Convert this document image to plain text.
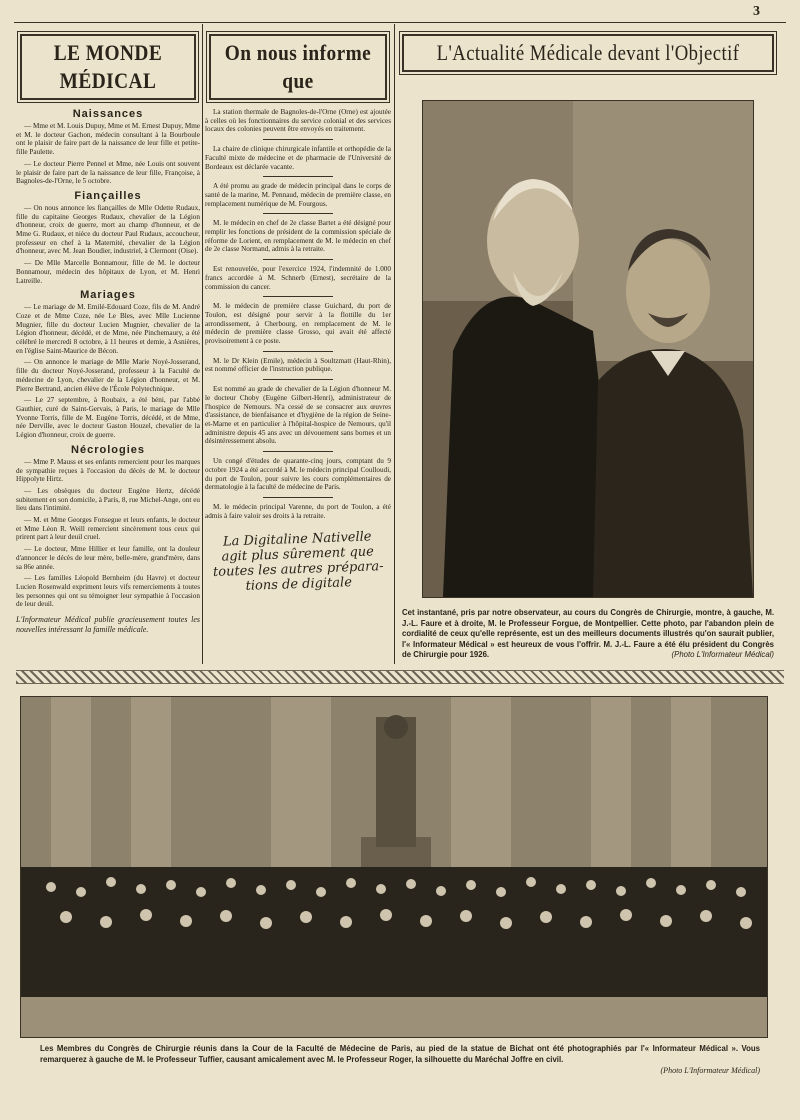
3
LE MONDE MÉDICAL
Naissances

— Mme et M. Louis Dupuy, Mme et M. Ernest Dupuy, Mme et M. le docteur Gachon, médecin consultant à la Bourboule ont le plaisir de faire part de la naissance de leur fille et petite-fille Paulette.

— Le docteur Pierre Pennel et Mme, née Louis ont souvent le plaisir de faire part de la naissance de leur fille, Françoise, à Bagnoles-de-l'Orne, le 5 octobre.

Fiançailles

— On nous annonce les fiançailles de Mlle Odette Rudaux, fille du capitaine Georges Rudaux, chevalier de la Légion d'honneur, croix de guerre, mort au champ d'honneur, et de Mme G. Rudaux, et nièce du docteur Paul Rudaux, accoucheur, professeur en chef à la Maternité, chevalier de la Légion d'honneur, avec M. Jean Boudier, industriel, à Clermont (Oise).

— De Mlle Marcelle Bonnamour, fille de M. le docteur Bonnamour, médecin des hôpitaux de Lyon, et M. Henri Latreille.

Mariages

— Le mariage de M. Emilé-Edouard Coze, fils de M. André Coze et de Mme Coze, née Le Bles, avec Mlle Lucienne Mugnier, fille du docteur Lucien Mugnier, chevalier de la Légion d'honneur, décédé, et de Mme, née Pinchemaury, a été célébré le mercredi 8 octobre, à 11 heures et demie, à Asnières, en l'église Saint-Maurice de Bécon.

— On annonce le mariage de Mlle Marie Noyé-Josserand, fille du docteur Noyé-Josserand, professeur à la Faculté de médecine de Lyon, chevalier de la Légion d'honneur, et M. Pierre Bertrand, ancien élève de l'École Polytechnique.

— Le 27 septembre, à Roubaix, a été béni, par l'abbé Gauthier, curé de Saint-Gervais, à Paris, le mariage de Mlle Yvonne Torris, fille de M. Eugène Torris, décédé, et de Mme, née Derville, avec le docteur Gaston Houzel, chevalier de la Légion d'honneur, croix de guerre.

Nécrologies

— Mme P. Mauss et ses enfants remercient pour les marques de sympathie reçues à l'occasion du décès de M. le docteur Hippolyte Hirtz.

— Les obsèques du docteur Eugène Hertz, décédé subitement en son domicile, à Paris, 8, rue Michel-Ange, ont eu lieu dans l'intimité.

— M. et Mme Georges Fonsegue et leurs enfants, le docteur et Mme Léon R. Weill remercient sincèrement tous ceux qui prirent part à leur deuil cruel.

— Le docteur, Mme Hillier et leur famille, ont la douleur d'annoncer le décès de leur mère, belle-mère, grand'mère, dans sa 86e année.

— Les familles Léopold Bernheim (du Havre) et docteur Lucien Rosenwald expriment leurs vifs remerciements à toutes les personnes qui ont su témoigner leur sympathie à l'occasion de leur deuil.

L'Informateur Médical publie gracieusement toutes les nouvelles intéressant la famille médicale.
On nous informe que

La station thermale de Bagnoles-de-l'Orne (Orne) est ajoutée à celles où les fonctionnaires du service colonial et des services locaux des colonies peuvent être envoyés en traitement.

La chaire de clinique chirurgicale infantile et orthopédie de la Faculté mixte de médecine et de pharmacie de l'Université de Bordeaux est déclarée vacante.

A été promu au grade de médecin principal dans le corps de santé de la marine, M. Pennaud, médecin de première classe, en remplacement numérique de M. Fourgous.

M. le médecin en chef de 2e classe Bartet a été désigné pour remplir les fonctions de président de la commission spéciale de réforme de Lorient, en remplacement de M. le médecin en chef de 2e classe Normand, admis à la retraite.

Est renouvelée, pour l'exercice 1924, l'indemnité de 1.000 francs accordée à M. Schnerb (Ernest), secrétaire de la commission du cancer.

M. le médecin de première classe Guichard, du port de Toulon, est désigné pour servir à la flottille du 1er arrondissement, à Cherbourg, en remplacement de M. le médecin de première classe Grosso, qui avait été affecté provisoirement à ce poste.

M. le Dr Klein (Emile), médecin à Soultzmatt (Haut-Rhin), est nommé officier de l'instruction publique.

Est nommé au grade de chevalier de la Légion d'honneur M. le docteur Choby (Eugène Gilbert-Henri), administrateur de l'hospice de Nemours. N'a cessé de se consacrer aux œuvres d'assistance, de bienfaisance et d'hygiène de la région de Seine-et-Marne et en particulier à l'hôpital-hospice de Nemours, qu'il administre depuis 45 ans avec un dévouement sans bornes et un désintéressement absolu.

Un congé d'études de quarante-cinq jours, comptant du 9 octobre 1924 a été accordé à M. le médecin principal Coulloudi, du port de Toulon, pour suivre les cours complémentaires de dermatologie à la faculté de médecine de Paris.

M. le médecin principal Varenne, du port de Toulon, a été admis à faire valoir ses droits à la retraite.

La Digitaline Nativelle
agit plus sûrement que
toutes les autres prépara-
tions de digitale
L'Actualité Médicale devant l'Objectif
Cet instantané, pris par notre observateur, au cours du Congrès de Chirurgie, montre, à gauche, M. J.-L. Faure et à droite, M. le Professeur Forgue, de Montpellier. Cette photo, par l'abandon plein de cordialité de ceux qu'elle représente, est un des meilleurs documents illustrés qu'on saurait publier, l'« Informateur Médical » est heureux de vous l'offrir. M. J.-L. Faure a été élu président du Congrès de Chirurgie pour 1926.	(Photo L'Informateur Médical)
Les Membres du Congrès de Chirurgie réunis dans la Cour de la Faculté de Médecine de Paris, au pied de la statue de Bichat ont été photographiés par l'« Informateur Médical ». Vous remarquerez à gauche de M. le Professeur Tuffier, causant amicalement avec M. le Professeur Roger, la silhouette du Maréchal Joffre en civil.
(Photo L'Informateur Médical)
